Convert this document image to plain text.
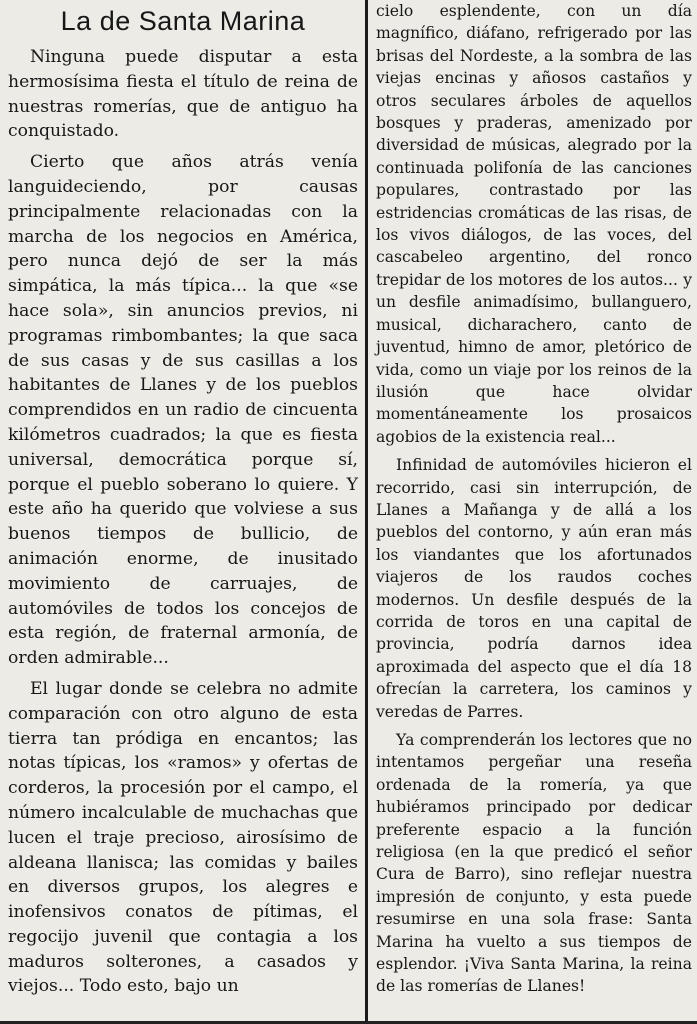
La de Santa Marina

Ninguna puede disputar a esta hermosísima fiesta el título de reina de nuestras romerías, que de antiguo ha conquistado.

Cierto que años atrás venía languideciendo, por causas principalmente relacionadas con la marcha de los negocios en América, pero nunca dejó de ser la más simpática, la más típica... la que «se hace sola», sin anuncios previos, ni programas rimbombantes; la que saca de sus casas y de sus casillas a los habitantes de Llanes y de los pueblos comprendidos en un radio de cincuenta kilómetros cuadrados; la que es fiesta universal, democrática porque sí, porque el pueblo soberano lo quiere. Y este año ha querido que volviese a sus buenos tiempos de bullicio, de animación enorme, de inusitado movimiento de carruajes, de automóviles de todos los concejos de esta región, de fraternal armonía, de orden admirable...

El lugar donde se celebra no admite comparación con otro alguno de esta tierra tan pródiga en encantos; las notas típicas, los «ramos» y ofertas de corderos, la procesión por el campo, el número incalculable de muchachas que lucen el traje precioso, airosísimo de aldeana llanisca; las comidas y bailes en diversos grupos, los alegres e inofensivos conatos de pítimas, el regocijo juvenil que contagia a los maduros solterones, a casados y viejos... Todo esto, bajo un

cielo esplendente, con un día magnífico, diáfano, refrigerado por las brisas del Nordeste, a la sombra de las viejas encinas y añosos castaños y otros seculares árboles de aquellos bosques y praderas, amenizado por diversidad de músicas, alegrado por la continuada polifonía de las canciones populares, contrastado por las estridencias cromáticas de las risas, de los vivos diálogos, de las voces, del cascabeleo argentino, del ronco trepidar de los motores de los autos... y un desfile animadísimo, bullanguero, musical, dicharachero, canto de juventud, himno de amor, pletórico de vida, como un viaje por los reinos de la ilusión que hace olvidar momentáneamente los prosaicos agobios de la existencia real...

Infinidad de automóviles hicieron el recorrido, casi sin interrupción, de Llanes a Mañanga y de allá a los pueblos del contorno, y aún eran más los viandantes que los afortunados viajeros de los raudos coches modernos. Un desfile después de la corrida de toros en una capital de provincia, podría darnos idea aproximada del aspecto que el día 18 ofrecían la carretera, los caminos y veredas de Parres.

Ya comprenderán los lectores que no intentamos pergeñar una reseña ordenada de la romería, ya que hubiéramos principado por dedicar preferente espacio a la función religiosa (en la que predicó el señor Cura de Barro), sino reflejar nuestra impresión de conjunto, y esta puede resumirse en una sola frase: Santa Marina ha vuelto a sus tiempos de esplendor. ¡Viva Santa Marina, la reina de las romerías de Llanes!
